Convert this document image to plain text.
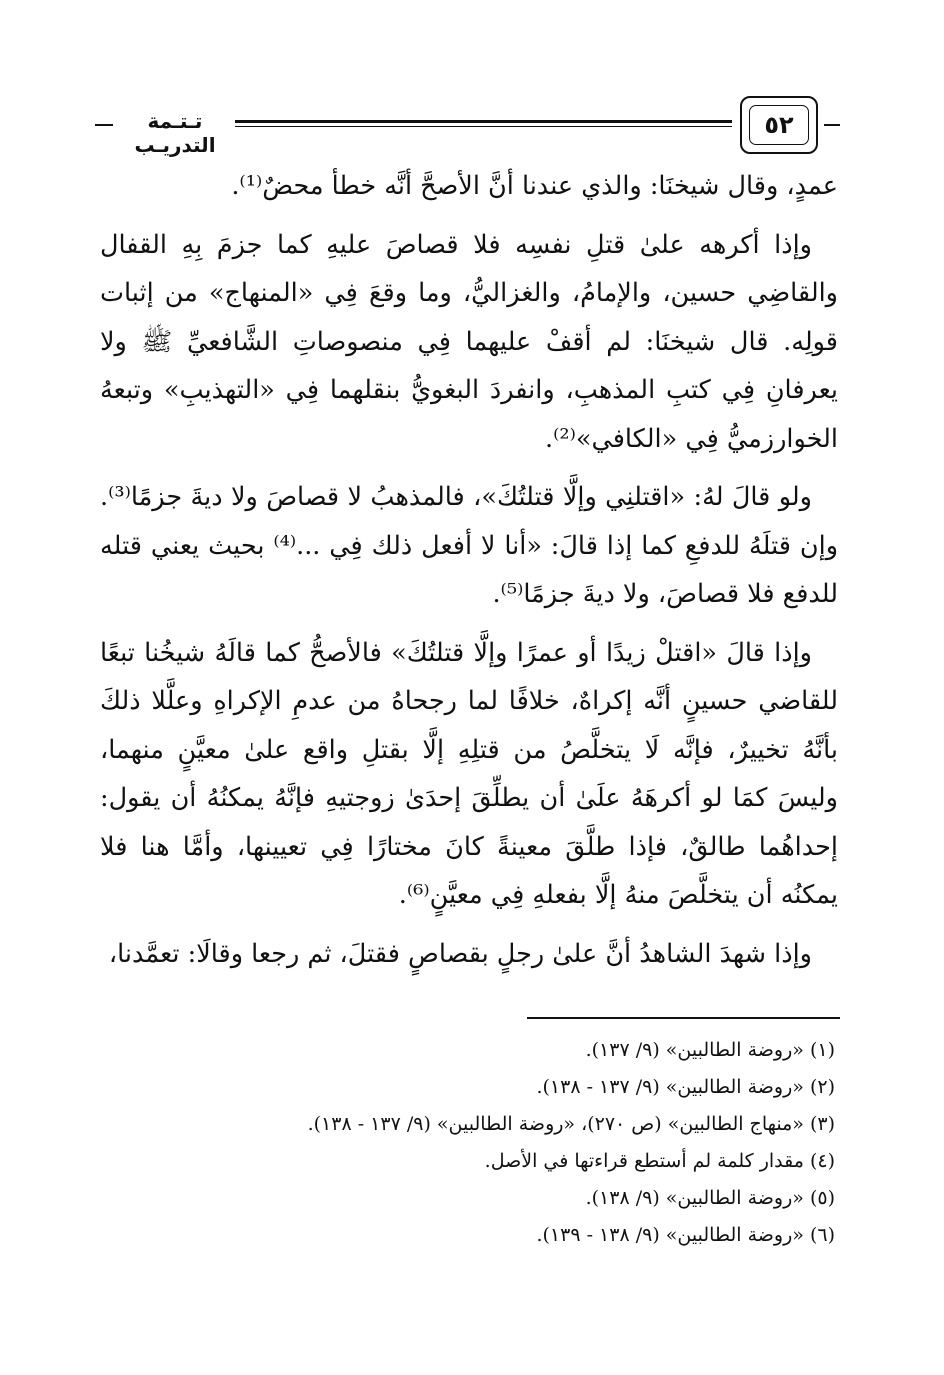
٥٢
تـتـمة التدريـب

عمدٍ، وقال شيخنَا: والذي عندنا أنَّ الأصحَّ أنَّه خطأ محضٌ⁽¹⁾.

وإذا أكرهه علىٰ قتلِ نفسِه فلا قصاصَ عليهِ كما جزمَ بِهِ القفال والقاضِي حسين، والإمامُ، والغزاليُّ، وما وقعَ فِي «المنهاج» من إثبات قولِه. قال شيخنَا: لم أقفْ عليهما فِي منصوصاتِ الشَّافعيِّ ﷺ ولا يعرفانِ فِي كتبِ المذهبِ، وانفردَ البغويُّ بنقلهما فِي «التهذيبِ» وتبعهُ الخوارزميُّ فِي «الكافي»⁽²⁾.

ولو قالَ لهُ: «اقتلنِي وإلَّا قتلتُكَ»، فالمذهبُ لا قصاصَ ولا ديةَ جزمًا⁽³⁾. وإن قتلَهُ للدفعِ كما إذا قالَ: «أنا لا أفعل ذلك فِي ...⁽⁴⁾ بحيث يعني قتله للدفع فلا قصاصَ، ولا ديةَ جزمًا⁽⁵⁾.

وإذا قالَ «اقتلْ زيدًا أو عمرًا وإلَّا قتلتُكَ» فالأصحُّ كما قالَهُ شيخُنا تبعًا للقاضي حسينٍ أنَّه إكراهٌ، خلافًا لما رجحاهُ من عدمِ الإكراهِ وعلَّلا ذلكَ بأنَّهُ تخييرٌ، فإنَّه لَا يتخلَّصُ من قتلِهِ إلَّا بقتلِ واقع علىٰ معيَّنٍ منهما، وليسَ كمَا لو أكرهَهُ علَىٰ أن يطلِّقَ إحدَىٰ زوجتيهِ فإنَّهُ يمكنُهُ أن يقول: إحداهُما طالقٌ، فإذا طلَّقَ معينةً كانَ مختارًا فِي تعيينها، وأمَّا هنا فلا يمكنُه أن يتخلَّصَ منهُ إلَّا بفعلهِ فِي معيَّنٍ⁽⁶⁾.

وإذا شهدَ الشاهدُ أنَّ علىٰ رجلٍ بقصاصٍ فقتلَ، ثم رجعا وقالَا: تعمَّدنا،

(١) «روضة الطالبين» (٩/ ١٣٧).

(٢) «روضة الطالبين» (٩/ ١٣٧ - ١٣٨).

(٣) «منهاج الطالبين» (ص ٢٧٠)، «روضة الطالبين» (٩/ ١٣٧ - ١٣٨).

(٤) مقدار كلمة لم أستطع قراءتها في الأصل.

(٥) «روضة الطالبين» (٩/ ١٣٨).

(٦) «روضة الطالبين» (٩/ ١٣٨ - ١٣٩).
